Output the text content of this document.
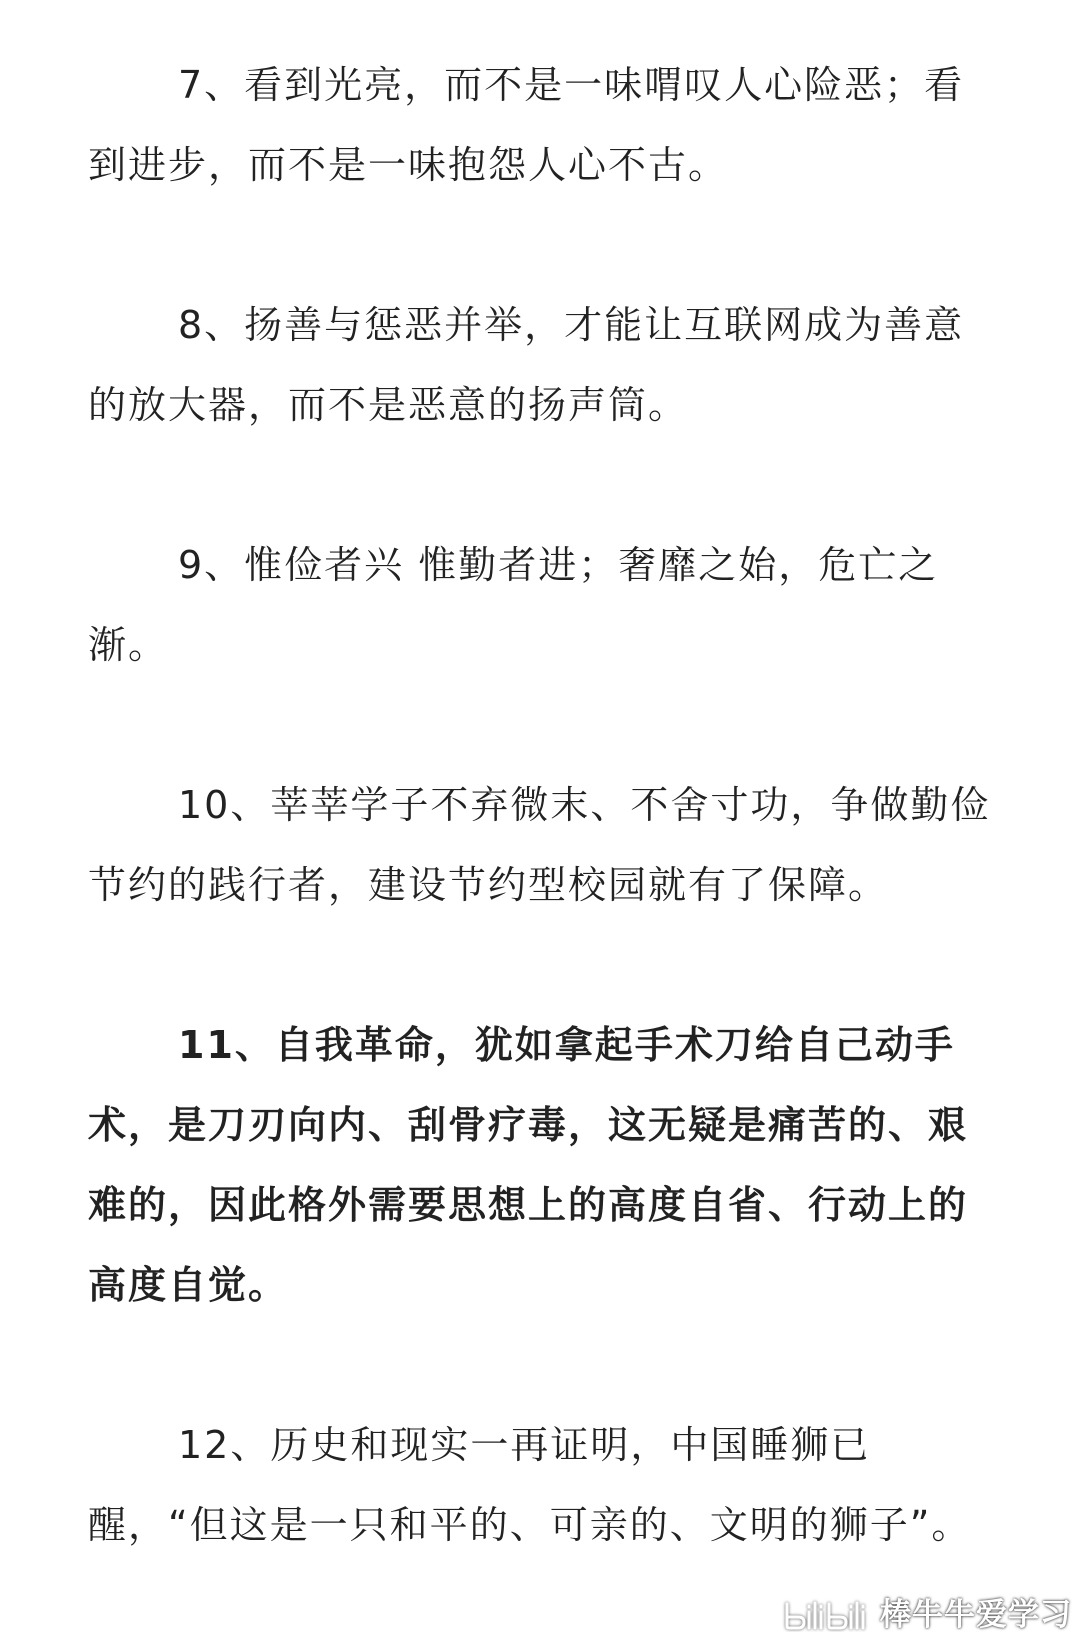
7、看到光亮，而不是一味喟叹人心险恶；看到进步，而不是一味抱怨人心不古。

8、扬善与惩恶并举，才能让互联网成为善意的放大器，而不是恶意的扬声筒。

9、惟俭者兴 惟勤者进；奢靡之始，危亡之渐。

10、莘莘学子不弃微末、不舍寸功，争做勤俭节约的践行者，建设节约型校园就有了保障。

11、自我革命，犹如拿起手术刀给自己动手术，是刀刃向内、刮骨疗毒，这无疑是痛苦的、艰难的，因此格外需要思想上的高度自省、行动上的高度自觉。

12、历史和现实一再证明，中国睡狮已醒，“但这是一只和平的、可亲的、文明的狮子”。

棒牛牛爱学习
